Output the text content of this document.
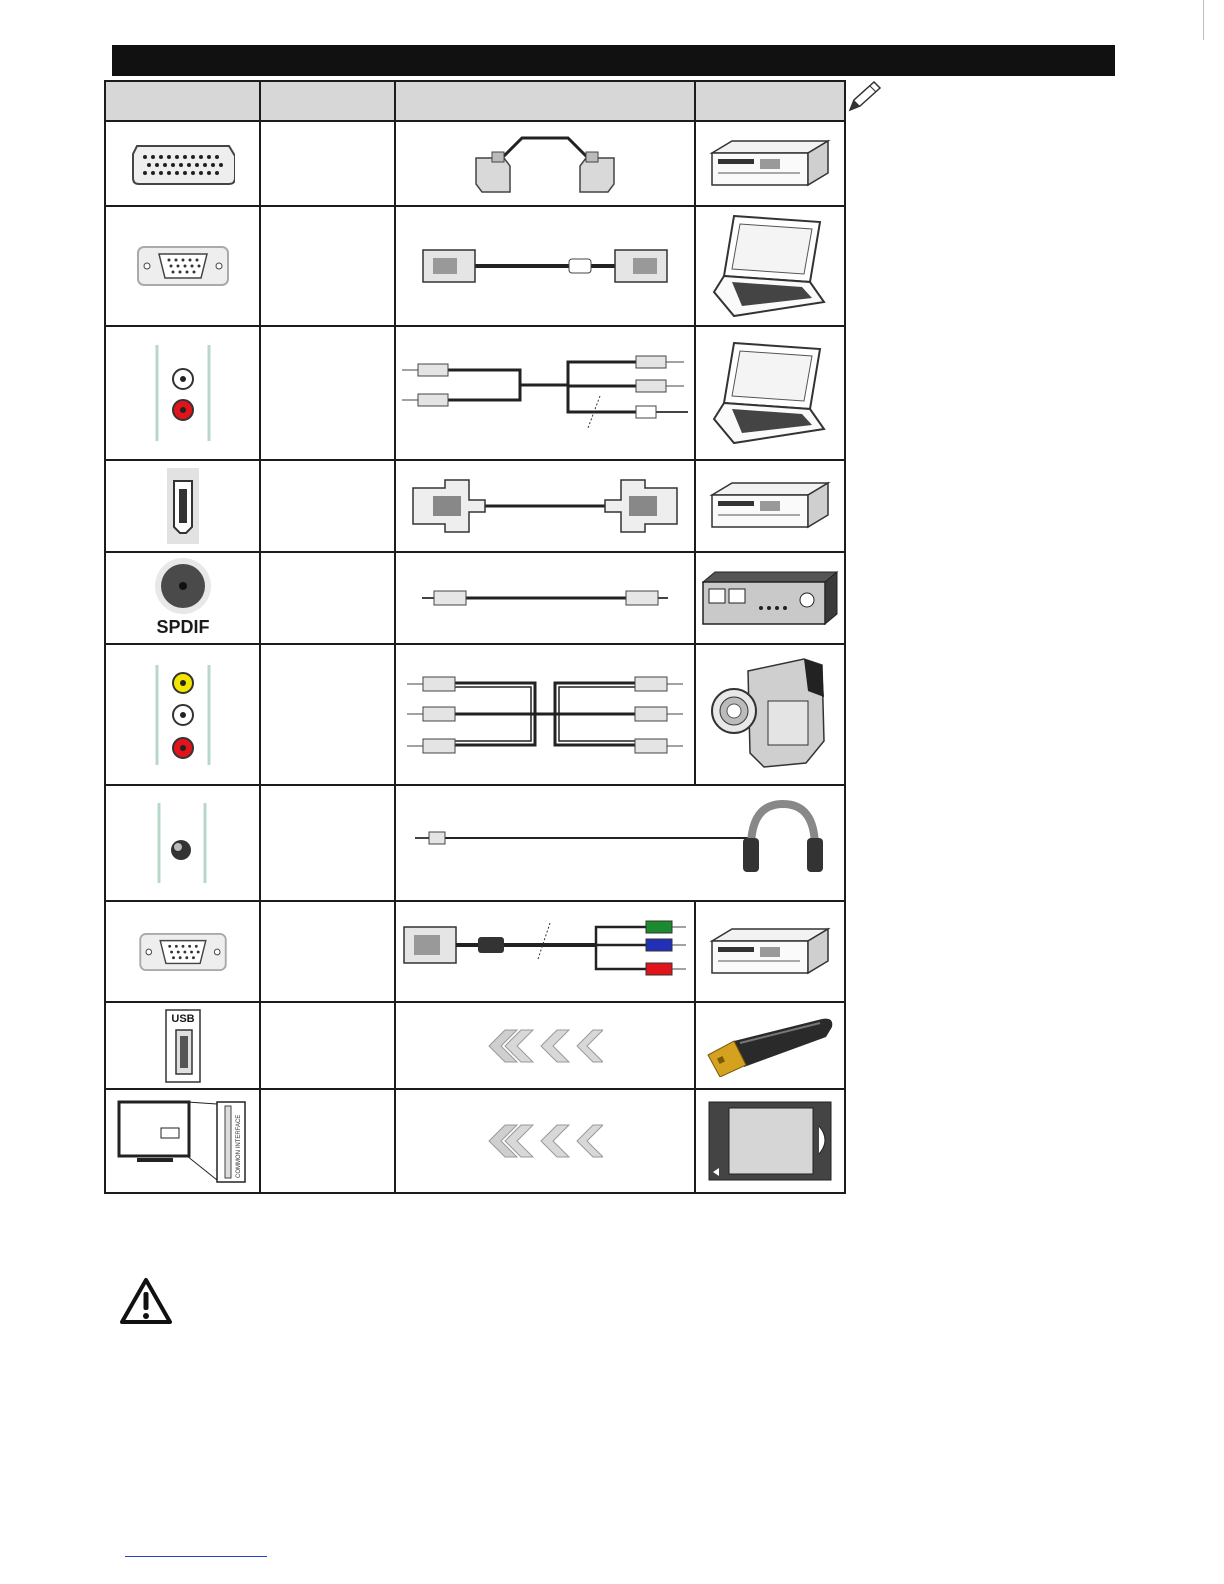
SPDIF

USB

COMMON INTERFACE
